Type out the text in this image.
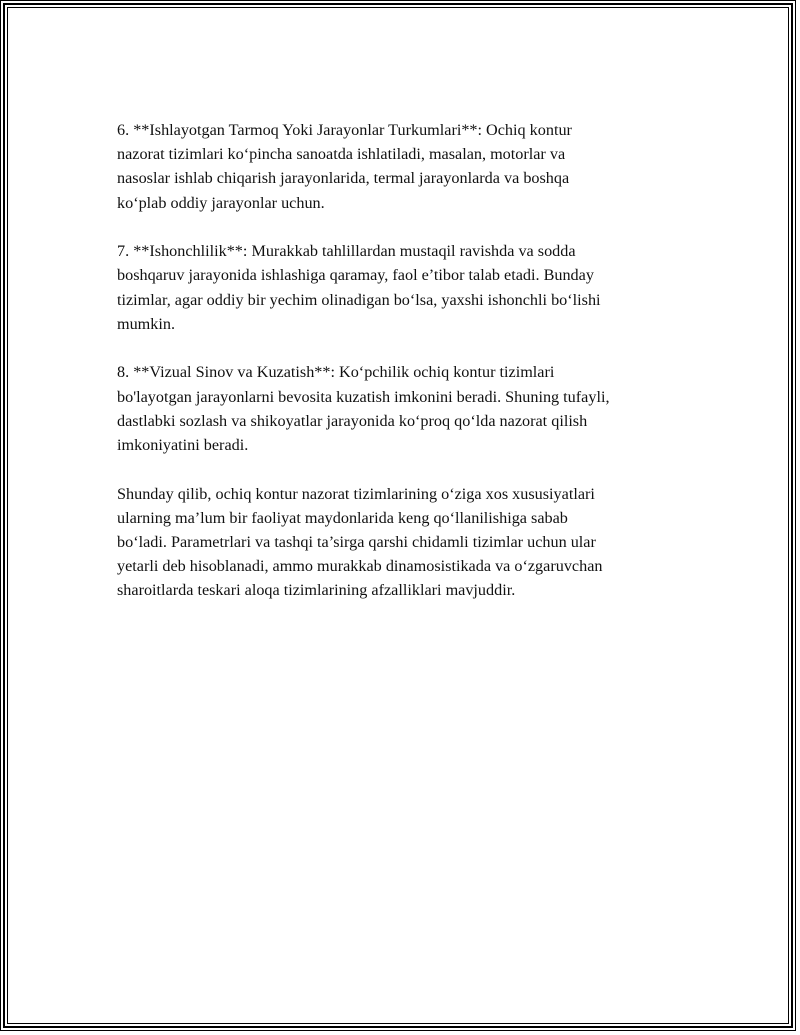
6. **Ishlayotgan Tarmoq Yoki Jarayonlar Turkumlari**: Ochiq kontur
nazorat tizimlari ko‘pincha sanoatda ishlatiladi, masalan, motorlar va
nasoslar ishlab chiqarish jarayonlarida, termal jarayonlarda va boshqa
ko‘plab oddiy jarayonlar uchun.

7. **Ishonchlilik**: Murakkab tahlillardan mustaqil ravishda va sodda
boshqaruv jarayonida ishlashiga qaramay, faol e’tibor talab etadi. Bunday
tizimlar, agar oddiy bir yechim olinadigan bo‘lsa, yaxshi ishonchli bo‘lishi
mumkin.

8. **Vizual Sinov va Kuzatish**: Ko‘pchilik ochiq kontur tizimlari
bo'layotgan jarayonlarni bevosita kuzatish imkonini beradi. Shuning tufayli,
dastlabki sozlash va shikoyatlar jarayonida ko‘proq qo‘lda nazorat qilish
imkoniyatini beradi.

Shunday qilib, ochiq kontur nazorat tizimlarining o‘ziga xos xususiyatlari
ularning ma’lum bir faoliyat maydonlarida keng qo‘llanilishiga sabab
bo‘ladi. Parametrlari va tashqi ta’sirga qarshi chidamli tizimlar uchun ular
yetarli deb hisoblanadi, ammo murakkab dinamosistikada va o‘zgaruvchan
sharoitlarda teskari aloqa tizimlarining afzalliklari mavjuddir.
